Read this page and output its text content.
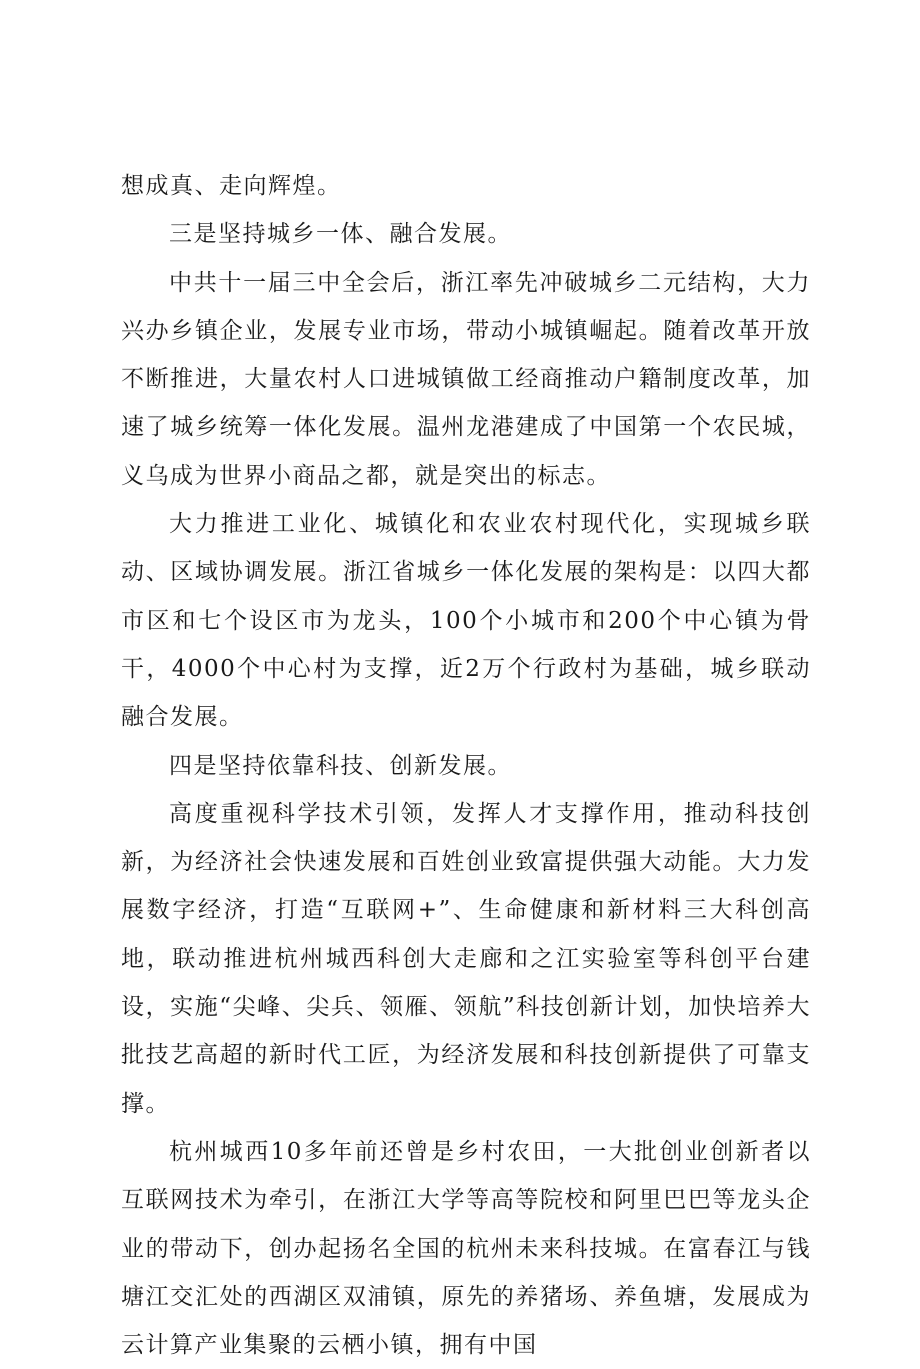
想成真、走向辉煌。

三是坚持城乡一体、融合发展。

中共十一届三中全会后，浙江率先冲破城乡二元结构，大力兴办乡镇企业，发展专业市场，带动小城镇崛起。随着改革开放不断推进，大量农村人口进城镇做工经商推动户籍制度改革，加速了城乡统筹一体化发展。温州龙港建成了中国第一个农民城，义乌成为世界小商品之都，就是突出的标志。

大力推进工业化、城镇化和农业农村现代化，实现城乡联动、区域协调发展。浙江省城乡一体化发展的架构是：以四大都市区和七个设区市为龙头，100个小城市和200个中心镇为骨干，4000个中心村为支撑，近2万个行政村为基础，城乡联动融合发展。

四是坚持依靠科技、创新发展。

高度重视科学技术引领，发挥人才支撑作用，推动科技创新，为经济社会快速发展和百姓创业致富提供强大动能。大力发展数字经济，打造“互联网+”、生命健康和新材料三大科创高地，联动推进杭州城西科创大走廊和之江实验室等科创平台建设，实施“尖峰、尖兵、领雁、领航”科技创新计划，加快培养大批技艺高超的新时代工匠，为经济发展和科技创新提供了可靠支撑。

杭州城西10多年前还曾是乡村农田，一大批创业创新者以互联网技术为牵引，在浙江大学等高等院校和阿里巴巴等龙头企业的带动下，创办起扬名全国的杭州未来科技城。在富春江与钱塘江交汇处的西湖区双浦镇，原先的养猪场、养鱼塘，发展成为云计算产业集聚的云栖小镇，拥有中国
